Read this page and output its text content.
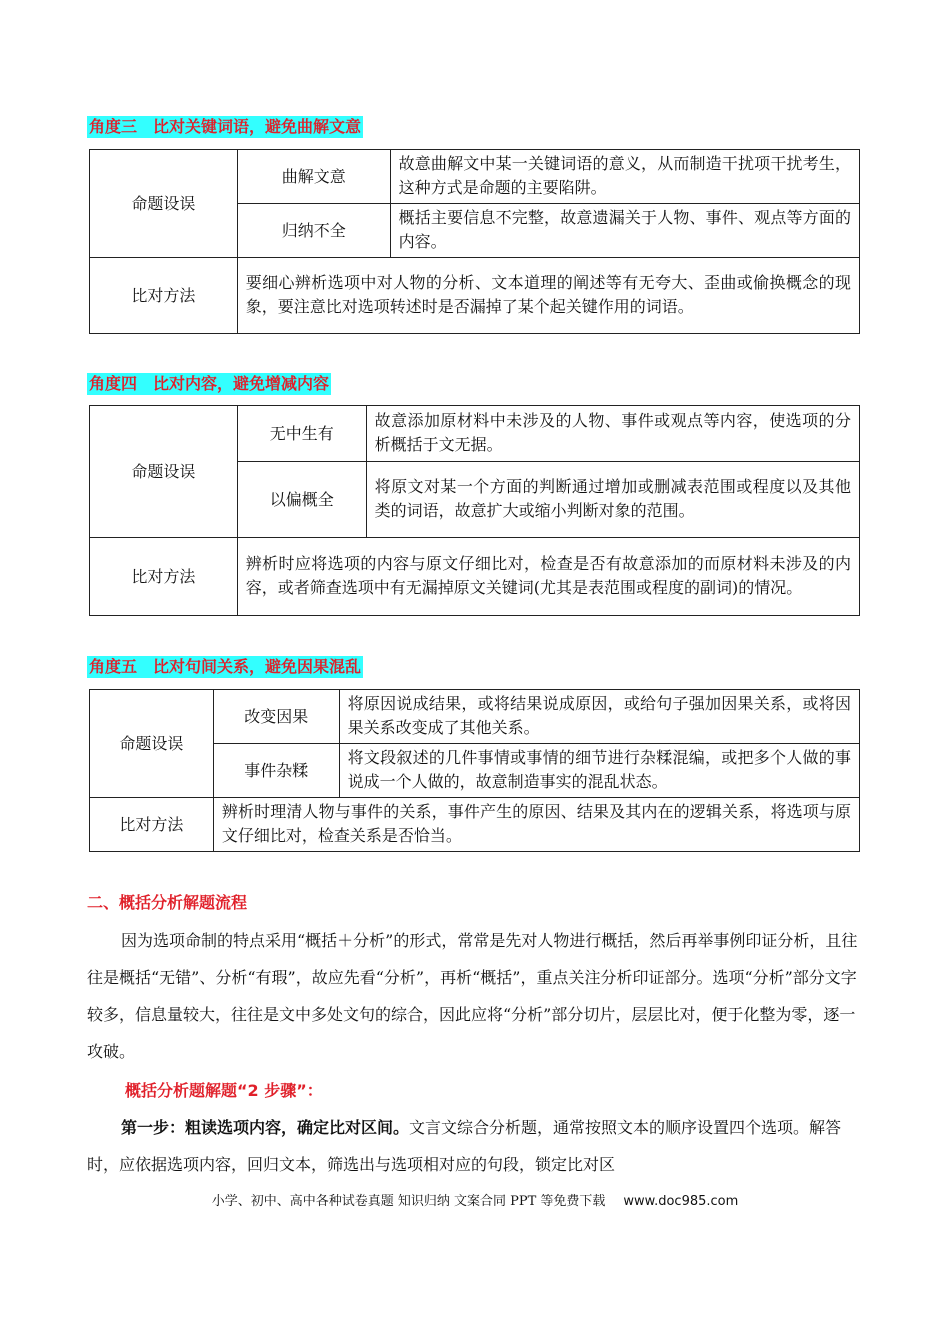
角度三　比对关键词语，避免曲解文意
命题设误	曲解文意	故意曲解文中某一关键词语的意义，从而制造干扰项干扰考生，这种方式是命题的主要陷阱。
	归纳不全	概括主要信息不完整，故意遗漏关于人物、事件、观点等方面的内容。
比对方法	要细心辨析选项中对人物的分析、文本道理的阐述等有无夸大、歪曲或偷换概念的现象，要注意比对选项转述时是否漏掉了某个起关键作用的词语。	
角度四　比对内容，避免增减内容
命题设误	无中生有	故意添加原材料中未涉及的人物、事件或观点等内容，使选项的分析概括于文无据。
	以偏概全	将原文对某一个方面的判断通过增加或删减表范围或程度以及其他类的词语，故意扩大或缩小判断对象的范围。
比对方法	辨析时应将选项的内容与原文仔细比对，检查是否有故意添加的而原材料未涉及的内容，或者筛查选项中有无漏掉原文关键词(尤其是表范围或程度的副词)的情况。	
角度五　比对句间关系，避免因果混乱
命题设误	改变因果	将原因说成结果，或将结果说成原因，或给句子强加因果关系，或将因果关系改变成了其他关系。
	事件杂糅	将文段叙述的几件事情或事情的细节进行杂糅混编，或把多个人做的事说成一个人做的，故意制造事实的混乱状态。
比对方法	辨析时理清人物与事件的关系，事件产生的原因、结果及其内在的逻辑关系，将选项与原文仔细比对，检查关系是否恰当。	
二、概括分析解题流程
因为选项命制的特点采用“概括＋分析”的形式，常常是先对人物进行概括，然后再举事例印证分析，且往往是概括“无错”、分析“有瑕”，故应先看“分析”，再析“概括”，重点关注分析印证部分。选项“分析”部分文字较多，信息量较大，往往是文中多处文句的综合，因此应将“分析”部分切片，层层比对，便于化整为零，逐一攻破。
概括分析题解题“2 步骤”：
第一步：粗读选项内容，确定比对区间。文言文综合分析题，通常按照文本的顺序设置四个选项。解答时，应依据选项内容，回归文本，筛选出与选项相对应的句段，锁定比对区
小学、初中、高中各种试卷真题 知识归纳 文案合同 PPT 等免费下载 www.doc985.com
